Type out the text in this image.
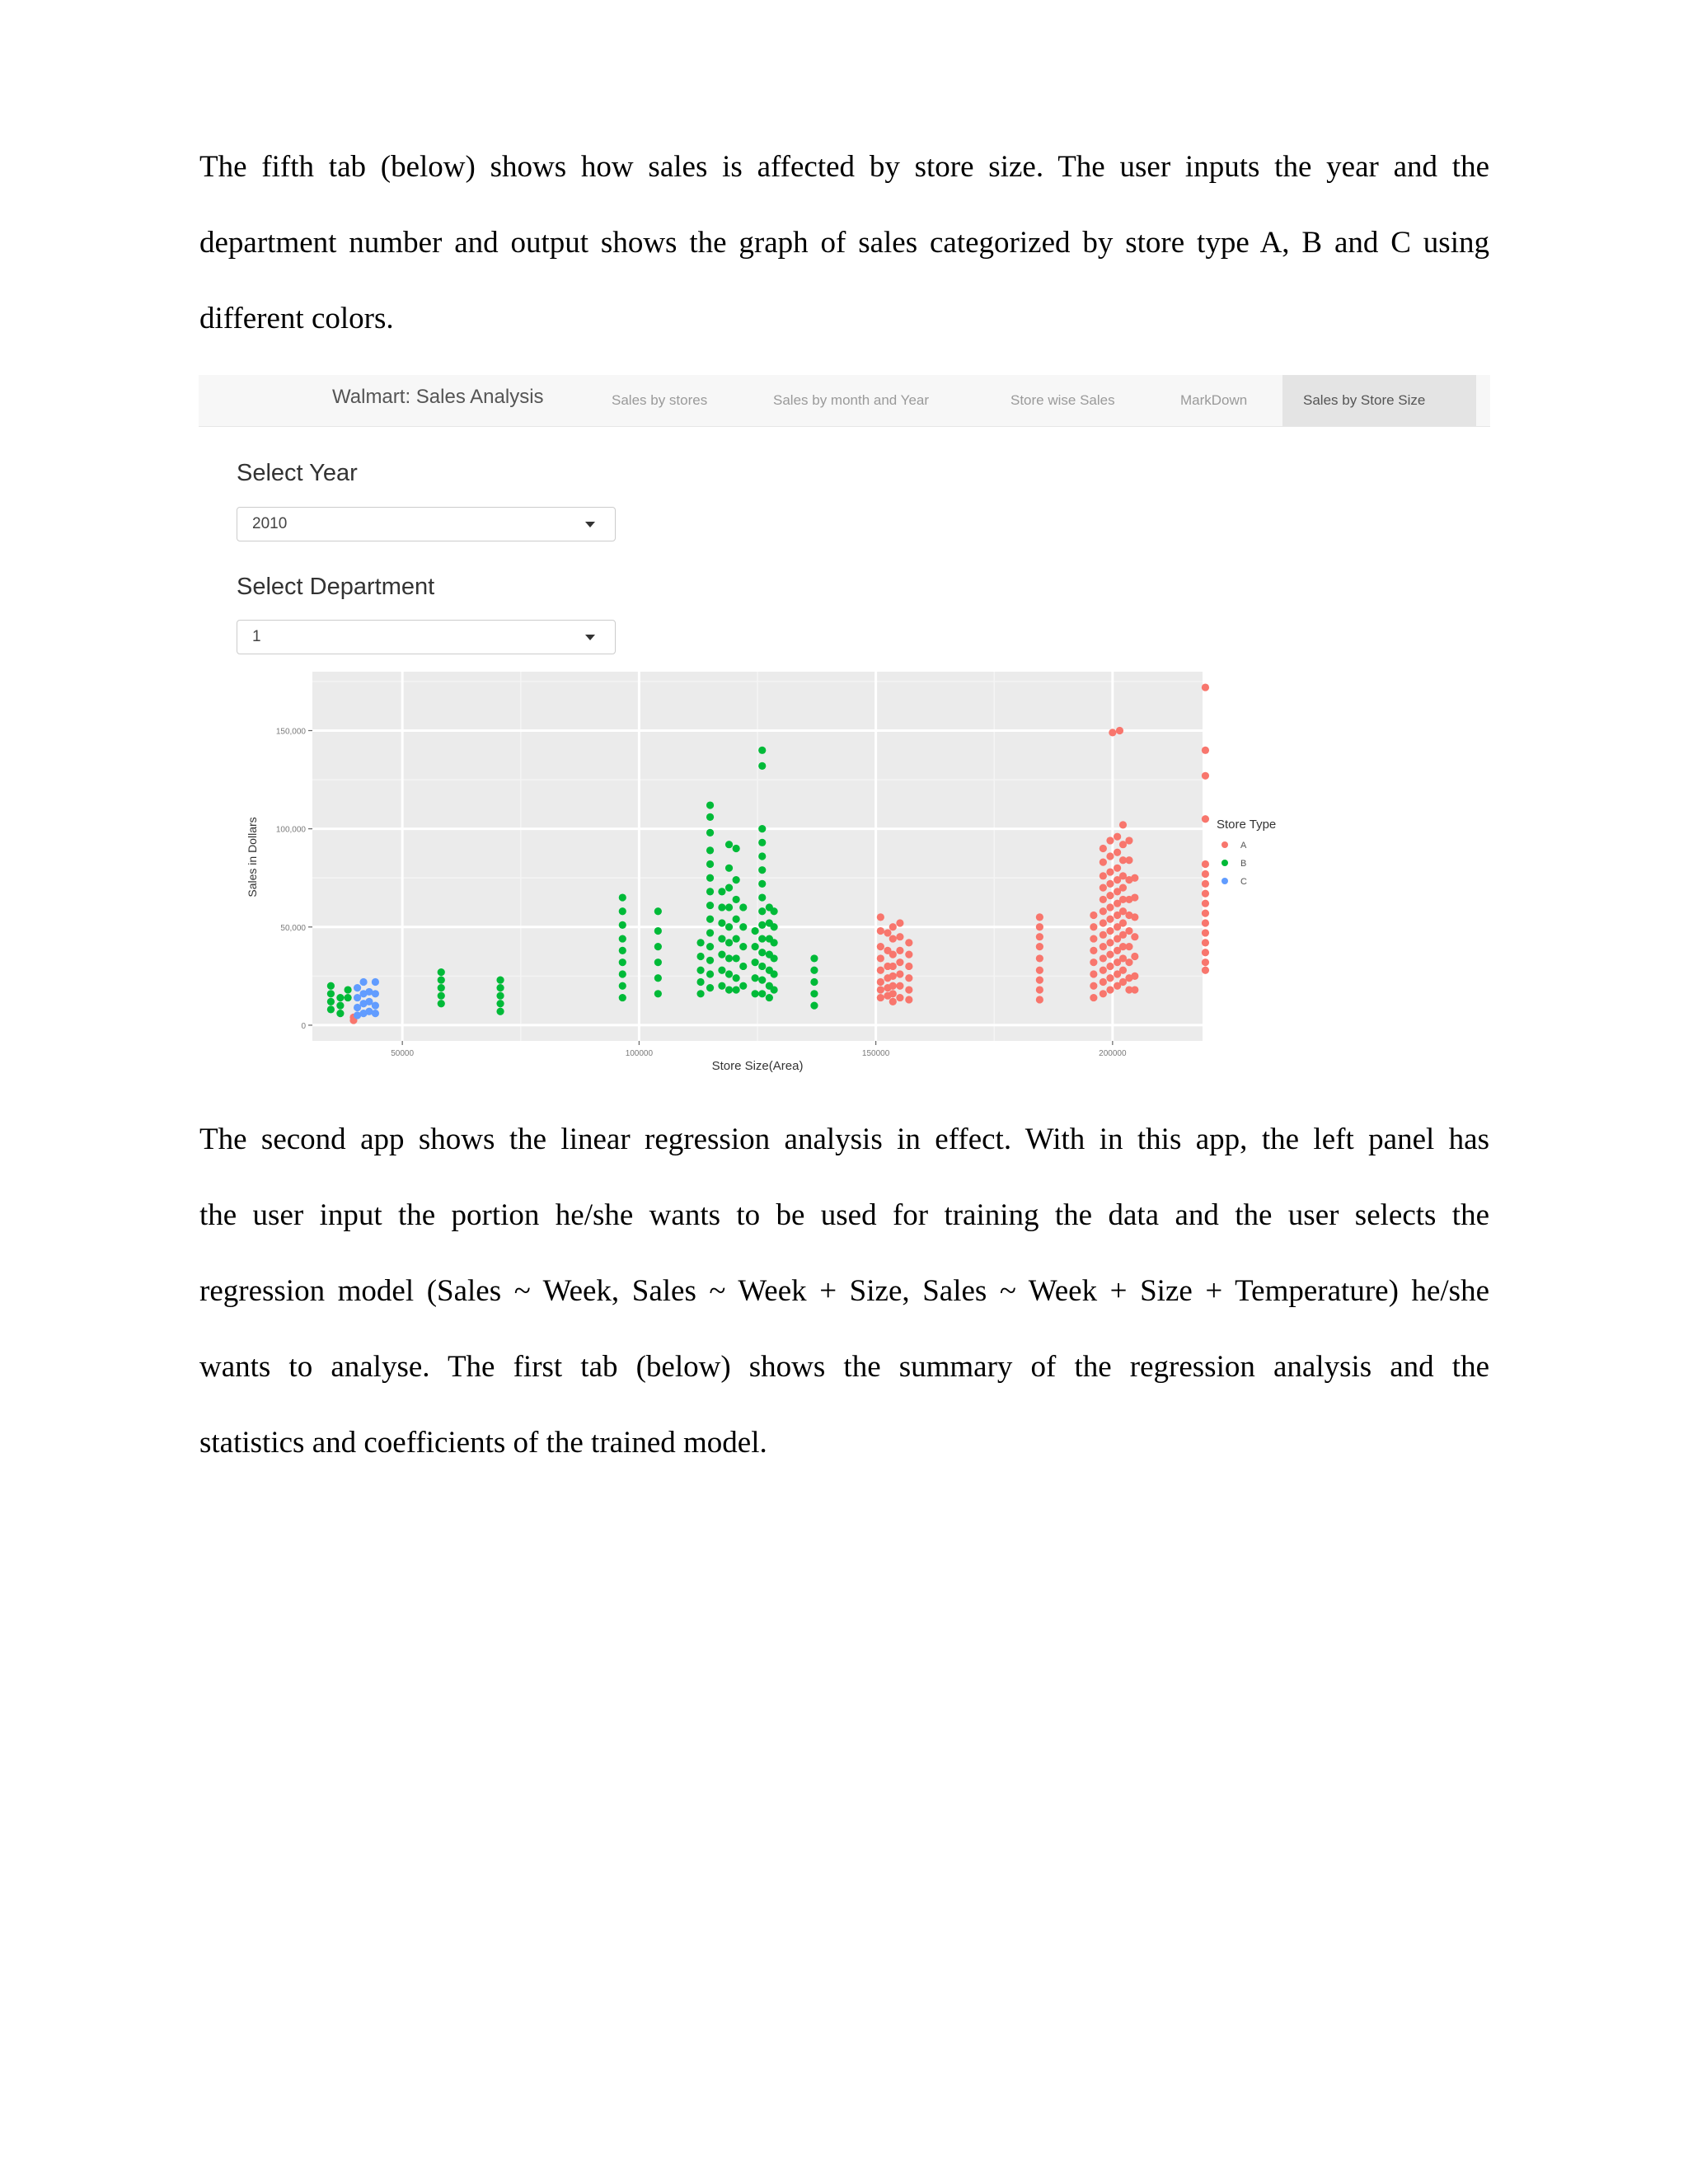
The fifth tab (below) shows how sales is affected by store size. The user inputs the year and the
department number and output shows the graph of sales categorized by store type A, B and C using
different colors.
Walmart: Sales Analysis	Sales by stores	Sales by month and Year	Store wise Sales	MarkDown	Sales by Store Size
Select Year
2010
Select Department
1
50000	100000	150000	200000
0
50,000
100,000
150,000
Store Size(Area)
Sales in Dollars	Store Type
A
B
C
The second app shows the linear regression analysis in effect. With in this app, the left panel has
the user input the portion he/she wants to be used for training the data and the user selects the
regression model (Sales ~ Week, Sales ~ Week + Size, Sales ~ Week + Size + Temperature) he/she
wants to analyse. The first tab (below) shows the summary of the regression analysis and the
statistics and coefficients of the trained model.
